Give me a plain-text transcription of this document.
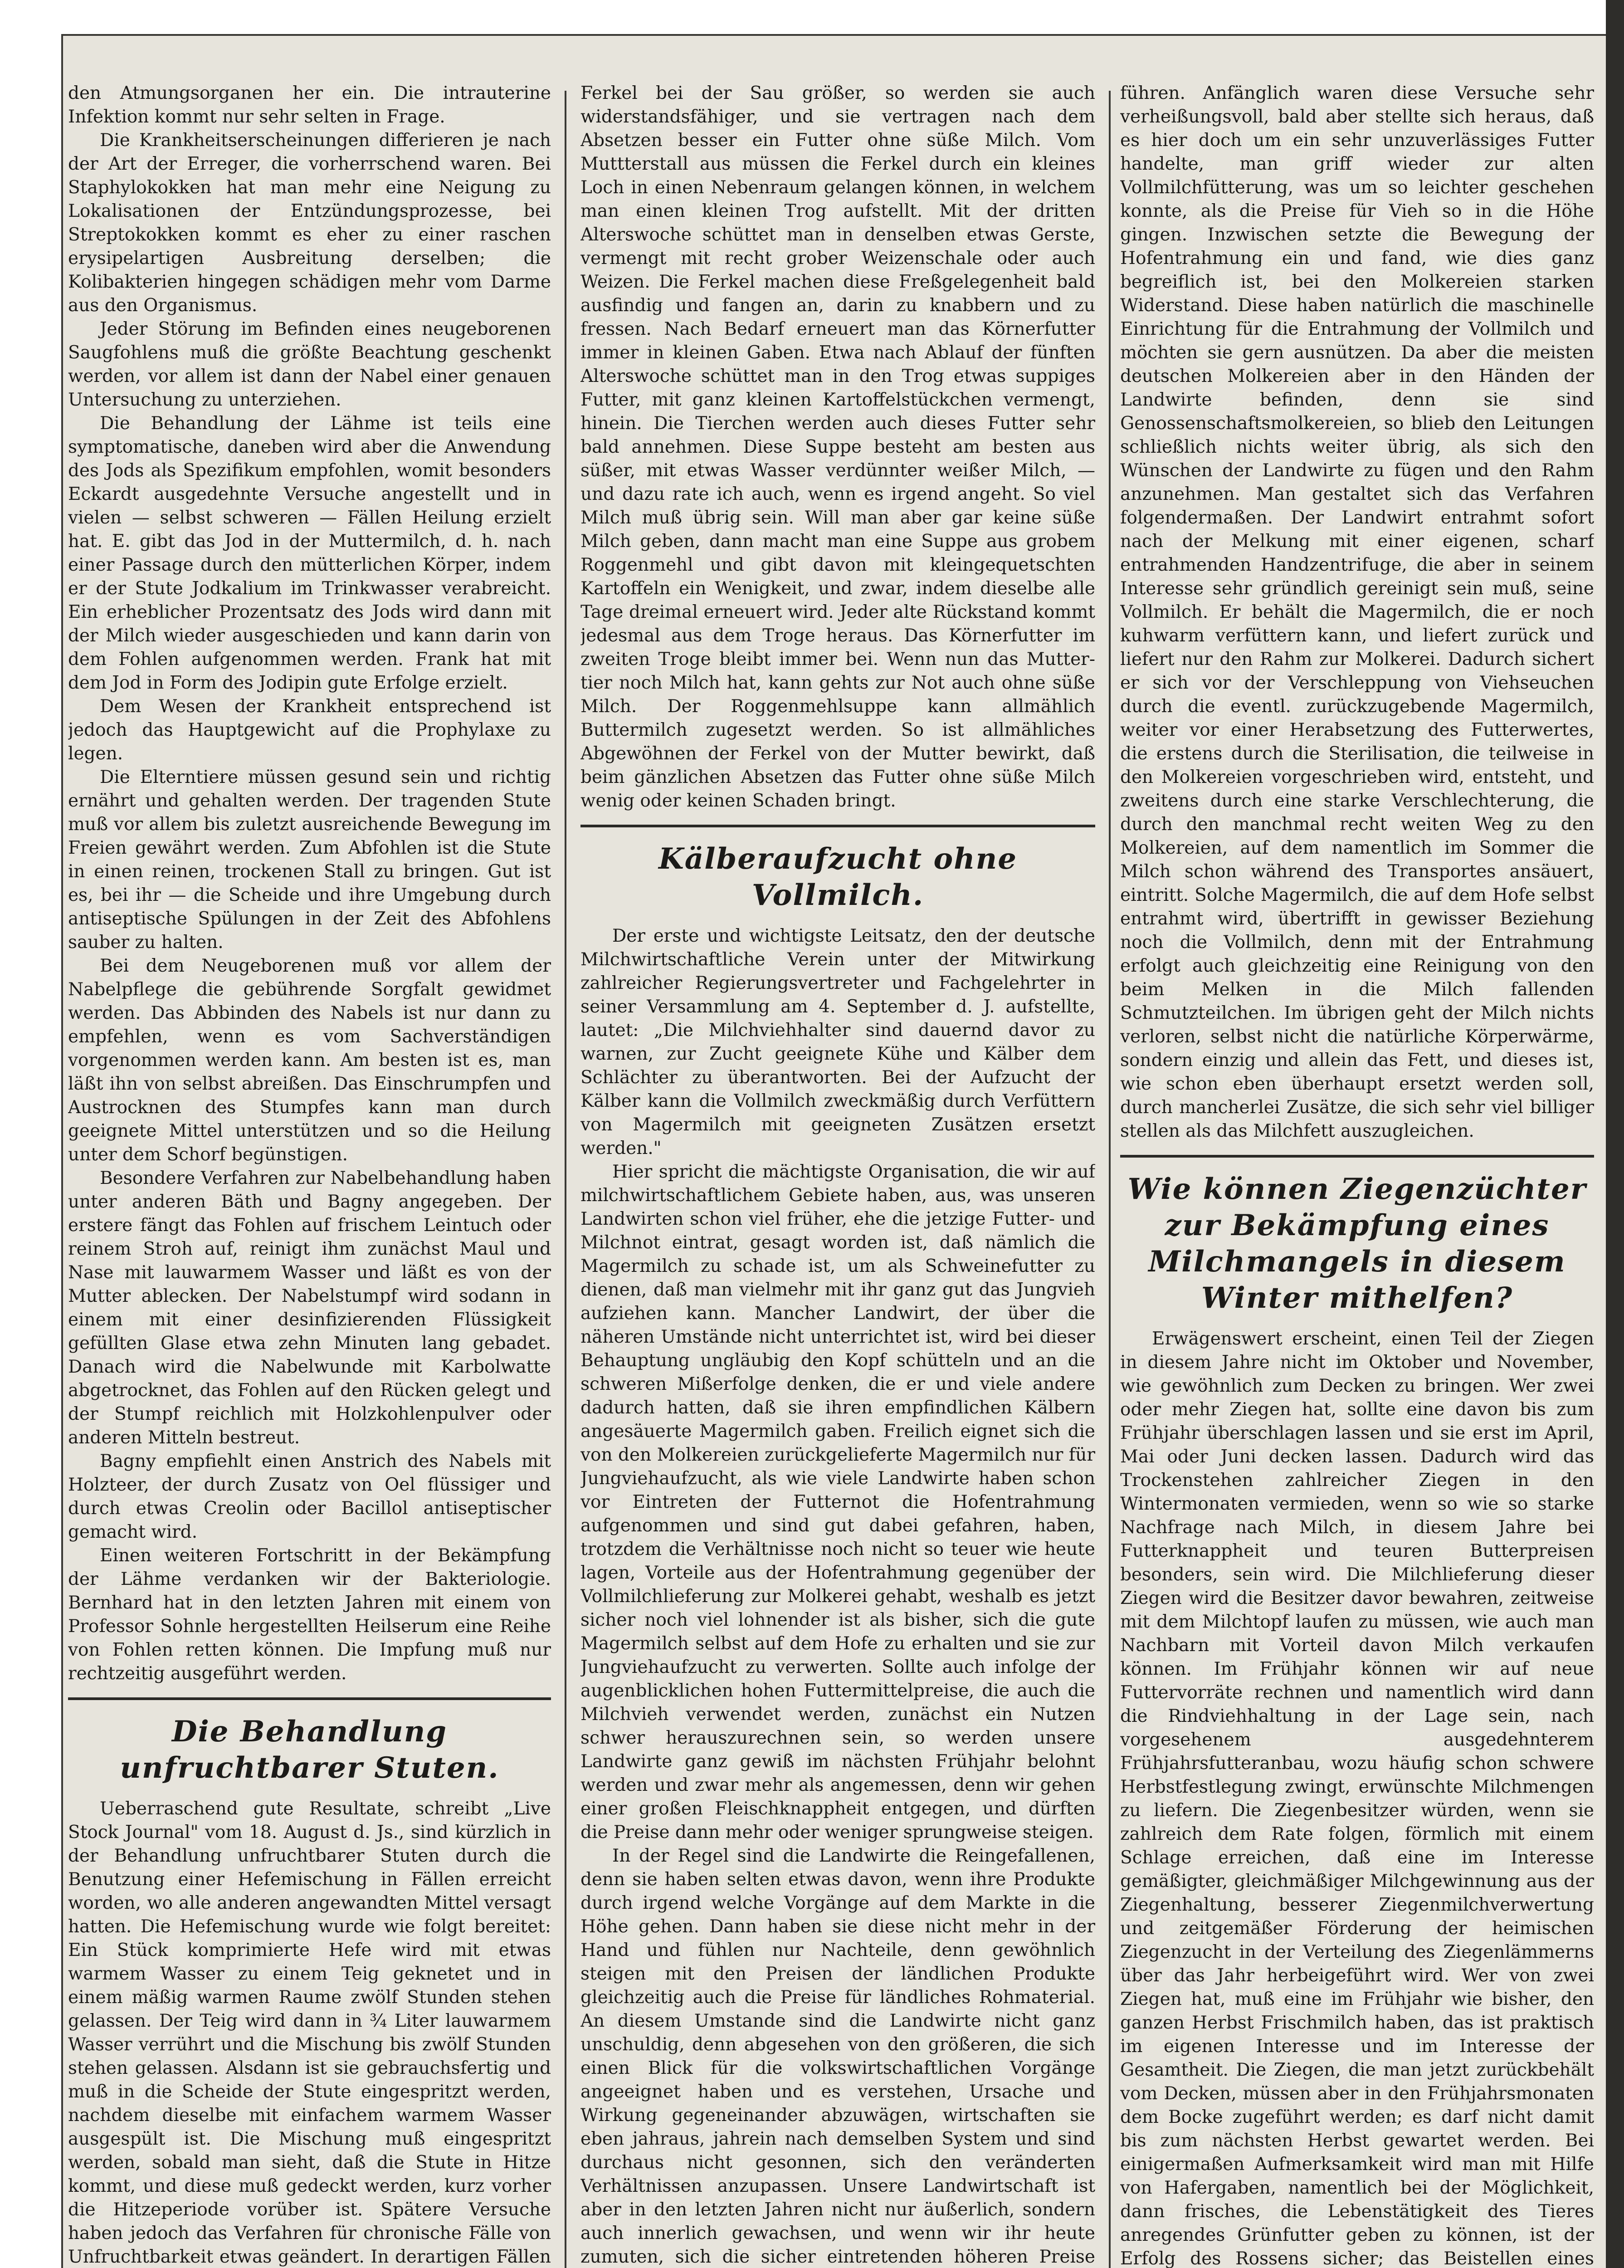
den Atmungsorganen her ein. Die intrauterine Infektion kommt nur sehr selten in Frage.

Die Krankheitserscheinungen differieren je nach der Art der Erreger, die vorherrschend waren. Bei Staphylokokken hat man mehr eine Neigung zu Lokalisationen der Entzündungsprozesse, bei Streptokokken kommt es eher zu einer raschen erysipelartigen Ausbreitung derselben; die Kolibakterien hingegen schädigen mehr vom Darme aus den Organismus.

Jeder Störung im Befinden eines neugeborenen Saugfohlens muß die größte Beachtung geschenkt werden, vor allem ist dann der Nabel einer genauen Untersuchung zu unterziehen.

Die Behandlung der Lähme ist teils eine symptomatische, daneben wird aber die Anwendung des Jods als Spezifikum empfohlen, womit besonders Eckardt ausgedehnte Versuche angestellt und in vielen — selbst schweren — Fällen Heilung erzielt hat. E. gibt das Jod in der Muttermilch, d. h. nach einer Passage durch den mütterlichen Körper, indem er der Stute Jodkalium im Trinkwasser verabreicht. Ein erheblicher Prozentsatz des Jods wird dann mit der Milch wieder ausgeschieden und kann darin von dem Fohlen aufgenommen werden. Frank hat mit dem Jod in Form des Jodipin gute Erfolge erzielt.

Dem Wesen der Krankheit entsprechend ist jedoch das Hauptgewicht auf die Prophylaxe zu legen.

Die Elterntiere müssen gesund sein und richtig ernährt und gehalten werden. Der tragenden Stute muß vor allem bis zuletzt ausreichende Bewegung im Freien gewährt werden. Zum Abfohlen ist die Stute in einen reinen, trockenen Stall zu bringen. Gut ist es, bei ihr — die Scheide und ihre Umgebung durch antiseptische Spülungen in der Zeit des Abfohlens sauber zu halten.

Bei dem Neugeborenen muß vor allem der Nabelpflege die gebührende Sorgfalt gewidmet werden. Das Abbinden des Nabels ist nur dann zu empfehlen, wenn es vom Sachverständigen vorgenommen werden kann. Am besten ist es, man läßt ihn von selbst abreißen. Das Einschrumpfen und Austrocknen des Stumpfes kann man durch geeignete Mittel unterstützen und so die Heilung unter dem Schorf begünstigen.

Besondere Verfahren zur Nabelbehandlung haben unter anderen Bäth und Bagny angegeben. Der erstere fängt das Fohlen auf frischem Leintuch oder reinem Stroh auf, reinigt ihm zunächst Maul und Nase mit lauwarmem Wasser und läßt es von der Mutter ablecken. Der Nabelstumpf wird sodann in einem mit einer desinfizierenden Flüssigkeit gefüllten Glase etwa zehn Minuten lang gebadet. Danach wird die Nabelwunde mit Karbolwatte abgetrocknet, das Fohlen auf den Rücken gelegt und der Stumpf reichlich mit Holzkohlenpulver oder anderen Mitteln bestreut.

Bagny empfiehlt einen Anstrich des Nabels mit Holzteer, der durch Zusatz von Oel flüssiger und durch etwas Creolin oder Bacillol antiseptischer gemacht wird.

Einen weiteren Fortschritt in der Bekämpfung der Lähme verdanken wir der Bakteriologie. Bernhard hat in den letzten Jahren mit einem von Professor Sohnle hergestellten Heilserum eine Reihe von Fohlen retten können. Die Impfung muß nur rechtzeitig ausgeführt werden.

Die Behandlung unfruchtbarer Stuten.

Ueberraschend gute Resultate, schreibt „Live Stock Journal" vom 18. August d. Js., sind kürzlich in der Behandlung unfruchtbarer Stuten durch die Benutzung einer Hefemischung in Fällen erreicht worden, wo alle anderen angewandten Mittel versagt hatten. Die Hefemischung wurde wie folgt bereitet: Ein Stück komprimierte Hefe wird mit etwas warmem Wasser zu einem Teig geknetet und in einem mäßig warmen Raume zwölf Stunden stehen gelassen. Der Teig wird dann in ¾ Liter lauwarmem Wasser verrührt und die Mischung bis zwölf Stunden stehen gelassen. Alsdann ist sie gebrauchsfertig und muß in die Scheide der Stute eingespritzt werden, nachdem dieselbe mit einfachem warmem Wasser ausgespült ist. Die Mischung muß eingespritzt werden, sobald man sieht, daß die Stute in Hitze kommt, und diese muß gedeckt werden, kurz vorher die Hitzeperiode vorüber ist. Spätere Versuche haben jedoch das Verfahren für chronische Fälle von Unfruchtbarkeit etwas geändert. In derartigen Fällen

Ferkel bei der Sau größer, so werden sie auch widerstandsfähiger, und sie vertragen nach dem Absetzen besser ein Futter ohne süße Milch. Vom Muttterstall aus müssen die Ferkel durch ein kleines Loch in einen Nebenraum gelangen können, in welchem man einen kleinen Trog aufstellt. Mit der dritten Alterswoche schüttet man in denselben etwas Gerste, vermengt mit recht grober Weizenschale oder auch Weizen. Die Ferkel machen diese Freßgelegenheit bald ausfindig und fangen an, darin zu knabbern und zu fressen. Nach Bedarf erneuert man das Körnerfutter immer in kleinen Gaben. Etwa nach Ablauf der fünften Alterswoche schüttet man in den Trog etwas suppiges Futter, mit ganz kleinen Kartoffelstückchen vermengt, hinein. Die Tierchen werden auch dieses Futter sehr bald annehmen. Diese Suppe besteht am besten aus süßer, mit etwas Wasser verdünnter weißer Milch, — und dazu rate ich auch, wenn es irgend angeht. So viel Milch muß übrig sein. Will man aber gar keine süße Milch geben, dann macht man eine Suppe aus grobem Roggenmehl und gibt davon mit kleingequetschten Kartoffeln ein Wenigkeit, und zwar, indem dieselbe alle Tage dreimal erneuert wird. Jeder alte Rückstand kommt jedesmal aus dem Troge heraus. Das Körnerfutter im zweiten Troge bleibt immer bei. Wenn nun das Mutter-tier noch Milch hat, kann gehts zur Not auch ohne süße Milch. Der Roggenmehlsuppe kann allmählich Buttermilch zugesetzt werden. So ist allmähliches Abgewöhnen der Ferkel von der Mutter bewirkt, daß beim gänzlichen Absetzen das Futter ohne süße Milch wenig oder keinen Schaden bringt.

Kälberaufzucht ohne Vollmilch.

Der erste und wichtigste Leitsatz, den der deutsche Milchwirtschaftliche Verein unter der Mitwirkung zahlreicher Regierungsvertreter und Fachgelehrter in seiner Versammlung am 4. September d. J. aufstellte, lautet: „Die Milchviehhalter sind dauernd davor zu warnen, zur Zucht geeignete Kühe und Kälber dem Schlächter zu überantworten. Bei der Aufzucht der Kälber kann die Vollmilch zweckmäßig durch Verfüttern von Magermilch mit geeigneten Zusätzen ersetzt werden."

Hier spricht die mächtigste Organisation, die wir auf milchwirtschaftlichem Gebiete haben, aus, was unseren Landwirten schon viel früher, ehe die jetzige Futter- und Milchnot eintrat, gesagt worden ist, daß nämlich die Magermilch zu schade ist, um als Schweinefutter zu dienen, daß man vielmehr mit ihr ganz gut das Jungvieh aufziehen kann. Mancher Landwirt, der über die näheren Umstände nicht unterrichtet ist, wird bei dieser Behauptung ungläubig den Kopf schütteln und an die schweren Mißerfolge denken, die er und viele andere dadurch hatten, daß sie ihren empfindlichen Kälbern angesäuerte Magermilch gaben. Freilich eignet sich die von den Molkereien zurückgelieferte Magermilch nur für Jungviehaufzucht, als wie viele Landwirte haben schon vor Eintreten der Futternot die Hofentrahmung aufgenommen und sind gut dabei gefahren, haben, trotzdem die Verhältnisse noch nicht so teuer wie heute lagen, Vorteile aus der Hofentrahmung gegenüber der Vollmilchlieferung zur Molkerei gehabt, weshalb es jetzt sicher noch viel lohnender ist als bisher, sich die gute Magermilch selbst auf dem Hofe zu erhalten und sie zur Jungviehaufzucht zu verwerten. Sollte auch infolge der augenblicklichen hohen Futtermittelpreise, die auch die Milchvieh verwendet werden, zunächst ein Nutzen schwer herauszurechnen sein, so werden unsere Landwirte ganz gewiß im nächsten Frühjahr belohnt werden und zwar mehr als angemessen, denn wir gehen einer großen Fleischknappheit entgegen, und dürften die Preise dann mehr oder weniger sprungweise steigen.

In der Regel sind die Landwirte die Reingefallenen, denn sie haben selten etwas davon, wenn ihre Produkte durch irgend welche Vorgänge auf dem Markte in die Höhe gehen. Dann haben sie diese nicht mehr in der Hand und fühlen nur Nachteile, denn gewöhnlich steigen mit den Preisen der ländlichen Produkte gleichzeitig auch die Preise für ländliches Rohmaterial. An diesem Umstande sind die Landwirte nicht ganz unschuldig, denn abgesehen von den größeren, die sich einen Blick für die volkswirtschaftlichen Vorgänge angeeignet haben und es verstehen, Ursache und Wirkung gegeneinander abzuwägen, wirtschaften sie eben jahraus, jahrein nach demselben System und sind durchaus nicht gesonnen, sich den veränderten Verhältnissen anzupassen. Unsere Landwirtschaft ist aber in den letzten Jahren nicht nur äußerlich, sondern auch innerlich gewachsen, und wenn wir ihr heute zumuten, sich die sicher eintretenden höheren Preise

führen. Anfänglich waren diese Versuche sehr verheißungsvoll, bald aber stellte sich heraus, daß es hier doch um ein sehr unzuverlässiges Futter handelte, man griff wieder zur alten Vollmilchfütterung, was um so leichter geschehen konnte, als die Preise für Vieh so in die Höhe gingen. Inzwischen setzte die Bewegung der Hofentrahmung ein und fand, wie dies ganz begreiflich ist, bei den Molkereien starken Widerstand. Diese haben natürlich die maschinelle Einrichtung für die Entrahmung der Vollmilch und möchten sie gern ausnützen. Da aber die meisten deutschen Molkereien aber in den Händen der Landwirte befinden, denn sie sind Genossenschaftsmolkereien, so blieb den Leitungen schließlich nichts weiter übrig, als sich den Wünschen der Landwirte zu fügen und den Rahm anzunehmen. Man gestaltet sich das Verfahren folgendermaßen. Der Landwirt entrahmt sofort nach der Melkung mit einer eigenen, scharf entrahmenden Handzentrifuge, die aber in seinem Interesse sehr gründlich gereinigt sein muß, seine Vollmilch. Er behält die Magermilch, die er noch kuhwarm verfüttern kann, und liefert zurück und liefert nur den Rahm zur Molkerei. Dadurch sichert er sich vor der Verschleppung von Viehseuchen durch die eventl. zurückzugebende Magermilch, weiter vor einer Herabsetzung des Futterwertes, die erstens durch die Sterilisation, die teilweise in den Molkereien vorgeschrieben wird, entsteht, und zweitens durch eine starke Verschlechterung, die durch den manchmal recht weiten Weg zu den Molkereien, auf dem namentlich im Sommer die Milch schon während des Transportes ansäuert, eintritt. Solche Magermilch, die auf dem Hofe selbst entrahmt wird, übertrifft in gewisser Beziehung noch die Vollmilch, denn mit der Entrahmung erfolgt auch gleichzeitig eine Reinigung von den beim Melken in die Milch fallenden Schmutzteilchen. Im übrigen geht der Milch nichts verloren, selbst nicht die natürliche Körperwärme, sondern einzig und allein das Fett, und dieses ist, wie schon eben überhaupt ersetzt werden soll, durch mancherlei Zusätze, die sich sehr viel billiger stellen als das Milchfett auszugleichen.

Wie können Ziegenzüchter zur Bekämpfung eines Milchmangels in diesem Winter mithelfen?

Erwägenswert erscheint, einen Teil der Ziegen in diesem Jahre nicht im Oktober und November, wie gewöhnlich zum Decken zu bringen. Wer zwei oder mehr Ziegen hat, sollte eine davon bis zum Frühjahr überschlagen lassen und sie erst im April, Mai oder Juni decken lassen. Dadurch wird das Trockenstehen zahlreicher Ziegen in den Wintermonaten vermieden, wenn so wie so starke Nachfrage nach Milch, in diesem Jahre bei Futterknappheit und teuren Butterpreisen besonders, sein wird. Die Milchlieferung dieser Ziegen wird die Besitzer davor bewahren, zeitweise mit dem Milchtopf laufen zu müssen, wie auch man Nachbarn mit Vorteil davon Milch verkaufen können. Im Frühjahr können wir auf neue Futtervorräte rechnen und namentlich wird dann die Rindviehhaltung in der Lage sein, nach vorgesehenem ausgedehnterem Frühjahrsfutteranbau, wozu häufig schon schwere Herbstfestlegung zwingt, erwünschte Milchmengen zu liefern. Die Ziegenbesitzer würden, wenn sie zahlreich dem Rate folgen, förmlich mit einem Schlage erreichen, daß eine im Interesse gemäßigter, gleichmäßiger Milchgewinnung aus der Ziegenhaltung, besserer Ziegenmilchverwertung und zeitgemäßer Förderung der heimischen Ziegenzucht in der Verteilung des Ziegenlämmerns über das Jahr herbeigeführt wird. Wer von zwei Ziegen hat, muß eine im Frühjahr wie bisher, den ganzen Herbst Frischmilch haben, das ist praktisch im eigenen Interesse und im Interesse der Gesamtheit. Die Ziegen, die man jetzt zurückbehält vom Decken, müssen aber in den Frühjahrsmonaten dem Bocke zugeführt werden; es darf nicht damit bis zum nächsten Herbst gewartet werden. Bei einigermaßen Aufmerksamkeit wird man mit Hilfe von Hafergaben, namentlich bei der Möglichkeit, dann frisches, die Lebenstätigkeit des Tieres anregendes Grünfutter geben zu können, ist der Erfolg des Rossens sicher; das Beistellen eines
